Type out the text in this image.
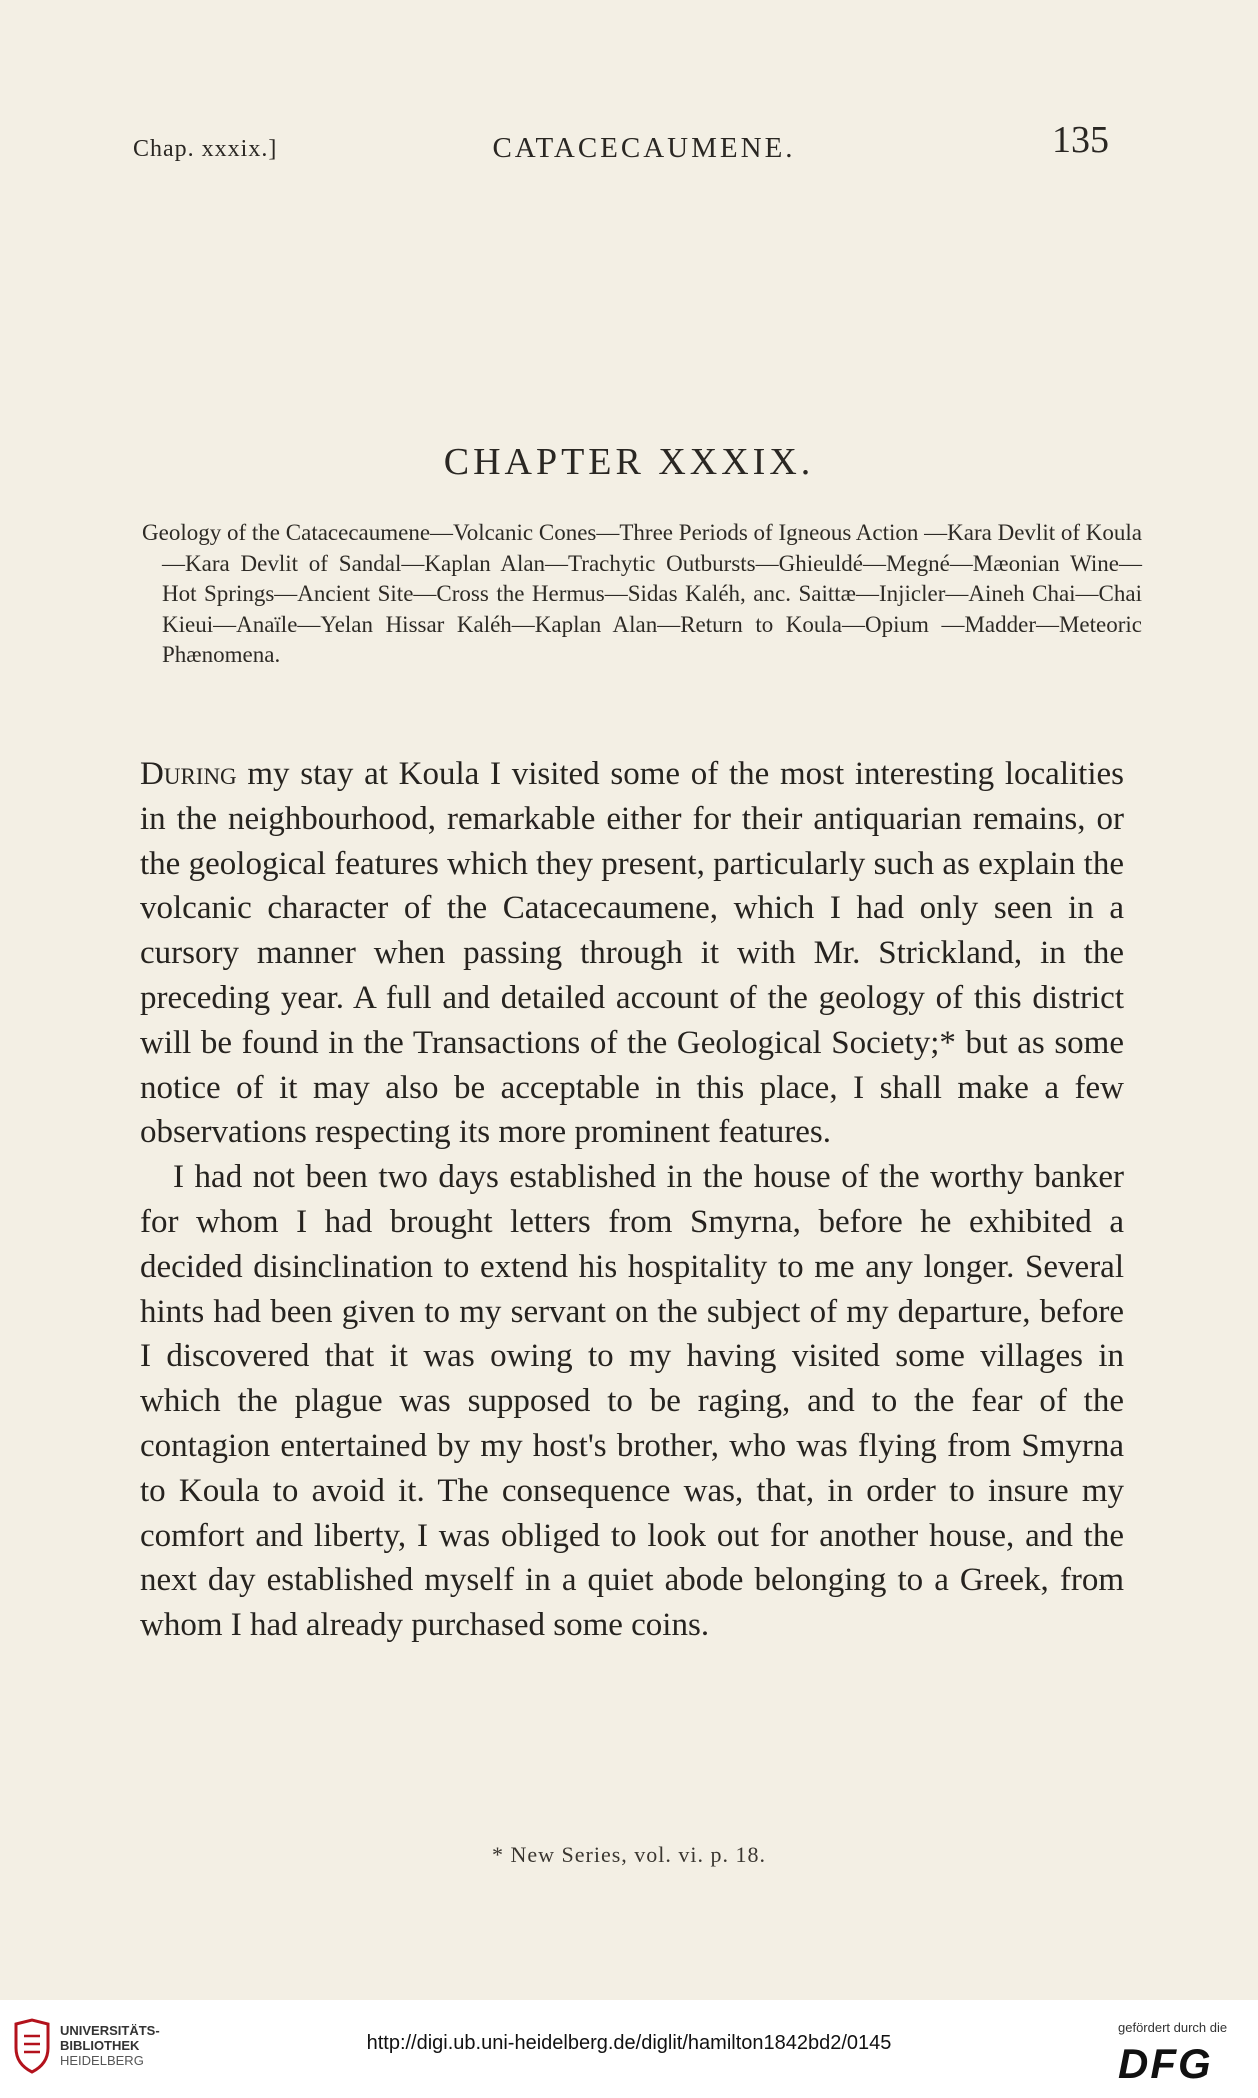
Chap. xxxix.]	CATACECAUMENE.	135
CHAPTER XXXIX.
Geology of the Catacecaumene—Volcanic Cones—Three Periods of Igneous Action —Kara Devlit of Koula—Kara Devlit of Sandal—Kaplan Alan—Trachytic Outbursts—Ghieuldé—Megné—Mæonian Wine—Hot Springs—Ancient Site—Cross the Hermus—Sidas Kaléh, anc. Saittæ—Injicler—Aineh Chai—Chai Kieui—Anaïle—Yelan Hissar Kaléh—Kaplan Alan—Return to Koula—Opium —Madder—Meteoric Phænomena.

During my stay at Koula I visited some of the most interesting localities in the neighbourhood, remarkable either for their antiquarian remains, or the geological features which they present, particularly such as explain the volcanic character of the Catacecaumene, which I had only seen in a cursory manner when passing through it with Mr. Strickland, in the preceding year. A full and detailed account of the geology of this district will be found in the Transactions of the Geological Society;* but as some notice of it may also be acceptable in this place, I shall make a few observations respecting its more prominent features.

I had not been two days established in the house of the worthy banker for whom I had brought letters from Smyrna, before he exhibited a decided disinclination to extend his hospitality to me any longer. Several hints had been given to my servant on the subject of my departure, before I discovered that it was owing to my having visited some villages in which the plague was supposed to be raging, and to the fear of the contagion entertained by my host's brother, who was flying from Smyrna to Koula to avoid it. The consequence was, that, in order to insure my comfort and liberty, I was obliged to look out for another house, and the next day established myself in a quiet abode belonging to a Greek, from whom I had already purchased some coins.

* New Series, vol. vi. p. 18.
UNIVERSITÄTS-
BIBLIOTHEK
HEIDELBERG
http://digi.ub.uni-heidelberg.de/diglit/hamilton1842bd2/0145
gefördert durch die
DFG
